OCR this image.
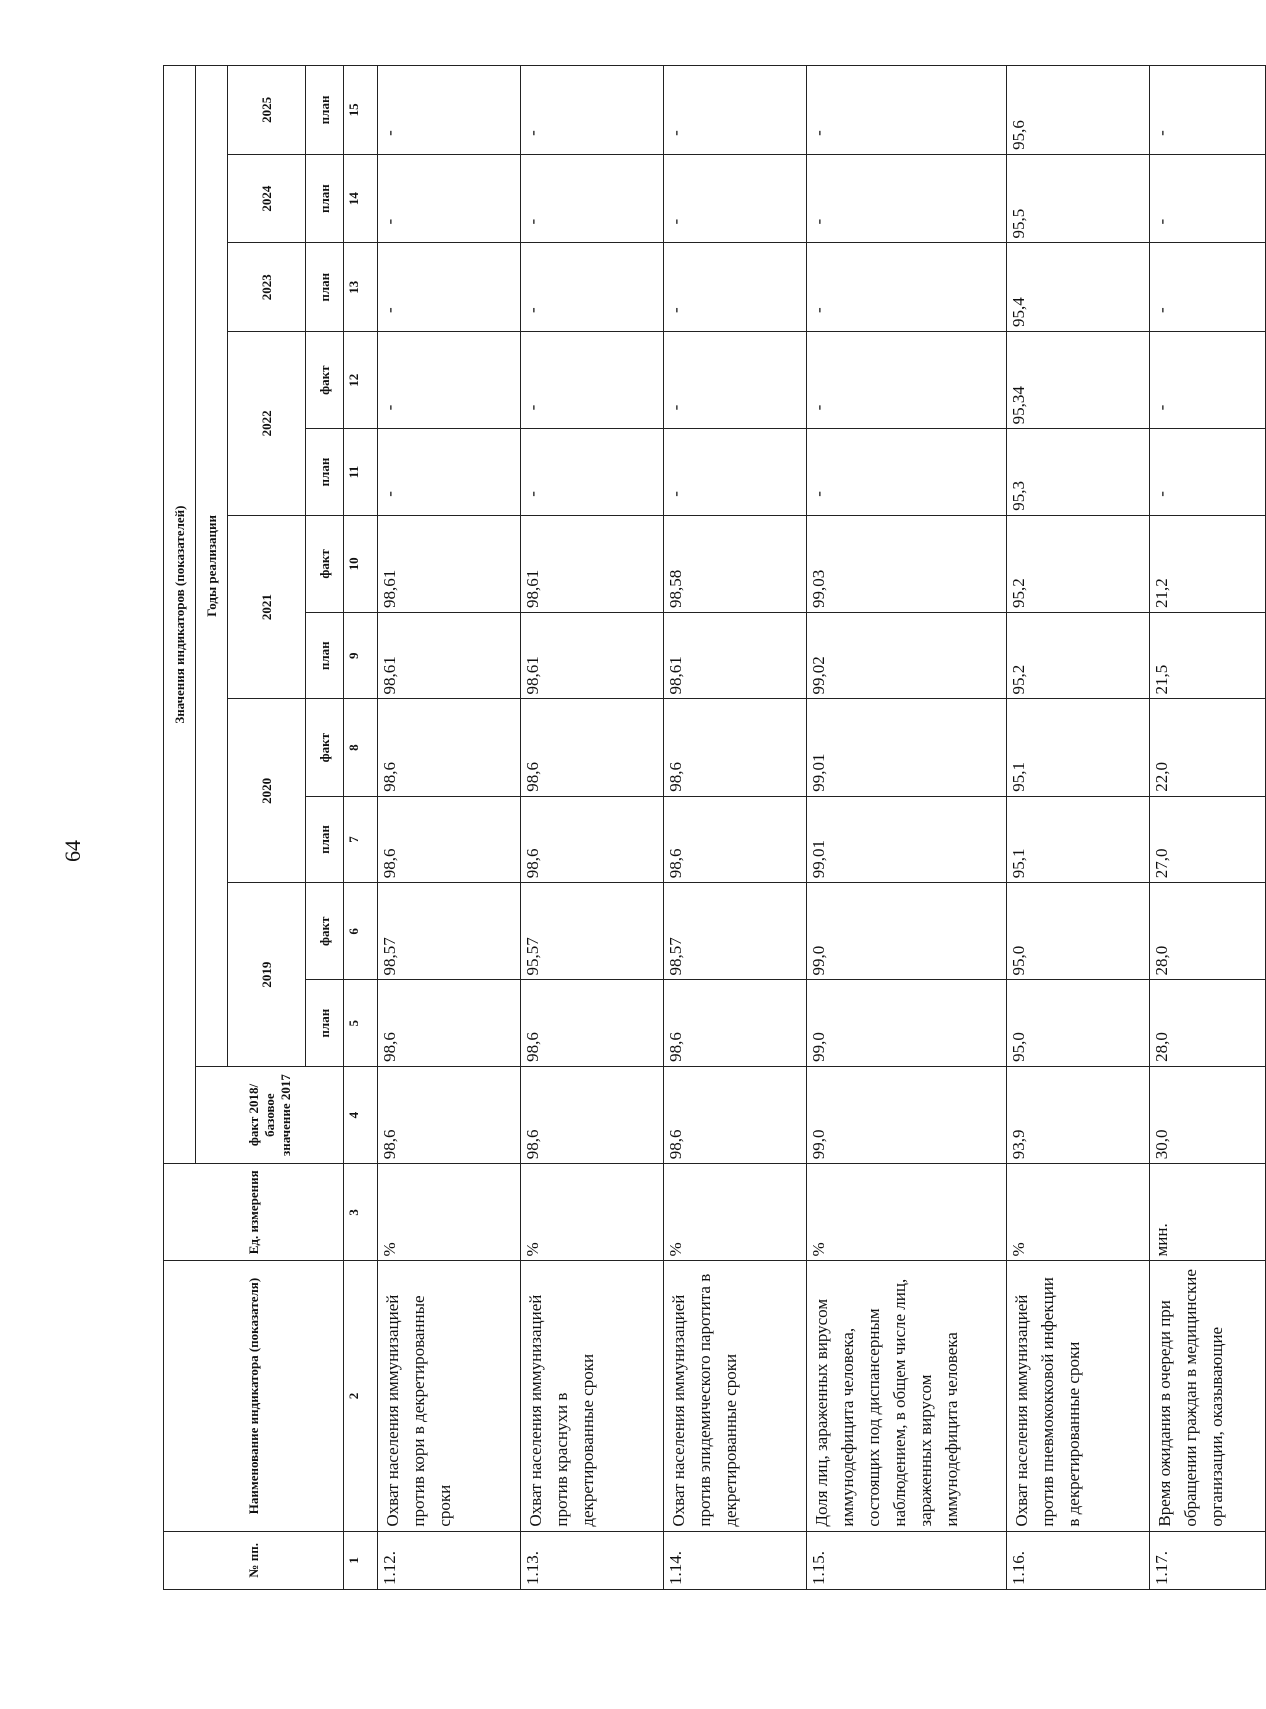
64
№ пп.	Наименование индикатора (показателя)	Ед. измерения	Значения индикаторов (показателей)											
			факт 2018/базовое значение 2017	Годы реализации										
				2019		2020		2021		2022		2023	2024	2025
				план	факт	план	факт	план	факт	план	факт	план	план	план
1	2	3	4	5	6	7	8	9	10	11	12	13	14	15
1.12.	Охват населения иммунизацией против кори в декретированные сроки	%	98,6	98,6	98,57	98,6	98,6	98,61	98,61	-	-	-	-	-
1.13.	Охват населения иммунизацией против краснухи в декретированные сроки	%	98,6	98,6	95,57	98,6	98,6	98,61	98,61	-	-	-	-	-
1.14.	Охват населения иммунизацией против эпидемического паротита в декретированные сроки	%	98,6	98,6	98,57	98,6	98,6	98,61	98,58	-	-	-	-	-
1.15.	Доля лиц, зараженных вирусом иммунодефицита человека, состоящих под диспансерным наблюдением, в общем числе лиц, зараженных вирусом иммунодефицита человека	%	99,0	99,0	99,0	99,01	99,01	99,02	99,03	-	-	-	-	-
1.16.	Охват населения иммунизацией против пневмококковой инфекции в декретированные сроки	%	93,9	95,0	95,0	95,1	95,1	95,2	95,2	95,3	95,34	95,4	95,5	95,6
1.17.	Время ожидания в очереди при обращении граждан в медицинские организации, оказывающие	мин.	30,0	28,0	28,0	27,0	22,0	21,5	21,2	-	-	-	-	-
